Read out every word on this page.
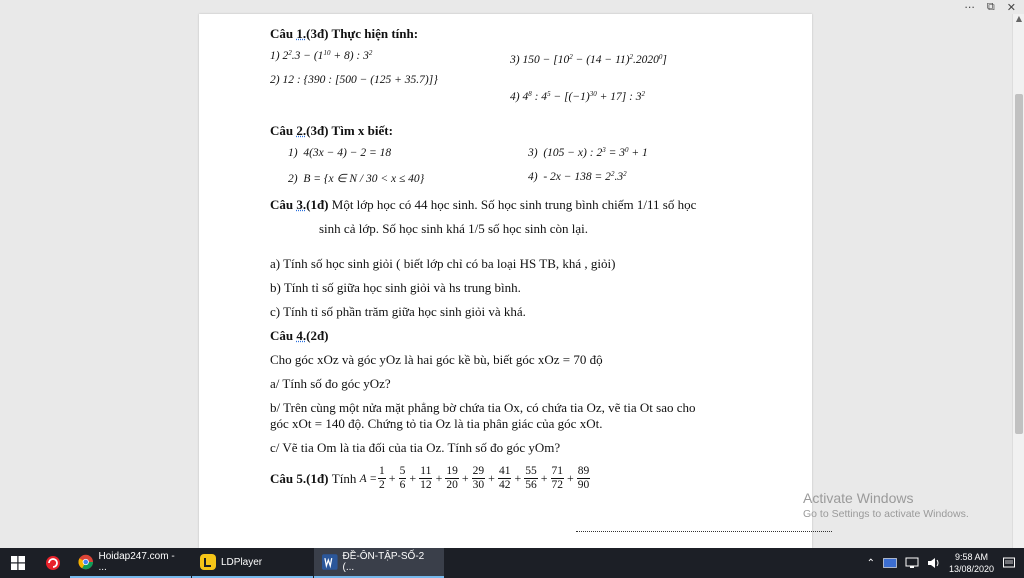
··· ⧉ ✕
Câu 1.(3đ) Thực hiện tính:
1) $2^2.3 - (1^{10} + 8)$ : $3^2$
2) 12 : {390 : [500 − (125 + 35.7)]}
3) $150 - [10^2 - (14 - 11)^2.2020^0]$
4) $4^8$ : $4^5 - [(-1)^{30} + 17]$ : $3^2$
Câu 2.(3đ) Tìm x biết:
1) 4(3x − 4) − 2 = 18
2) B = {x ∈ N / 30 < x ≤ 40}
3) (105 − x) : $2^3 = 3^0 + 1$
$4) - 2x - 138 = 2^2.3^2$
Câu 3.(1đ) Một lớp học có 44 học sinh. Số học sinh trung bình chiếm 1/11 số học
sinh cả lớp. Số học sinh khá 1/5 số học sinh còn lại.
a) Tính số học sinh giỏi ( biết lớp chỉ có ba loại HS TB, khá , giỏi)
b) Tính tỉ số giữa học sinh giỏi và hs trung bình.
c) Tính tỉ số phần trăm giữa học sinh giỏi và khá.
Câu 4.(2đ)
Cho góc xOz và góc yOz là hai góc kề bù, biết góc xOz = 70 độ
a/ Tính số đo góc yOz?
b/ Trên cùng một nửa mặt phẳng bờ chứa tia Ox, có chứa tia Oz, vẽ tia Ot sao cho
góc xOt = 140 độ. Chứng tỏ tia Oz là tia phân giác của góc xOt.
c/ Vẽ tia Om là tia đối của tia Oz. Tính số đo góc yOm?
Câu 5.(1đ)
Tính
$A = \frac{1}{2} + \frac{5}{6} + \frac{11}{12} + \frac{19}{20} + \frac{29}{30} + \frac{41}{42} + \frac{55}{56} + \frac{71}{72} + \frac{89}{90}$
▲
Activate Windows
Go to Settings to activate Windows.
Hoidap247.com - ...	LDPlayer	ĐỀ-ÔN-TẬP-SỐ-2 (...	⌃
9:58 AM
13/08/2020
